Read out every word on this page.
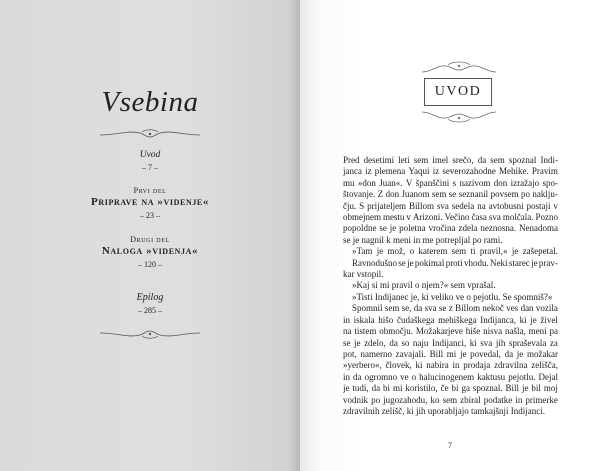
Vsebina
Uvod
– 7 –
Prvi del
Priprave na »videnje«
– 23 –
Drugi del
Naloga »videnja«
– 120 –
Epilog
– 285 –
UVOD
Pred desetimi leti sem imel srečo, da sem spoznal Indi-
janca iz plemena Yaqui iz severozahodne Mehike. Pravim
mu »don Juan«. V španščini s nazivom don izražajo spo-
štovanje. Z don Juanom sem se seznanil povsem po naklju-
čju. S prijateljem Billom sva sedela na avtobusni postaji v
obmejnem mestu v Arizoni. Večino časa sva molčala. Pozno
popoldne se je poletna vročina zdela neznosna. Nenadoma
se je nagnil k meni in me potrepljal po rami.
»Tam je mož, o katerem sem ti pravil,« je zašepetal.
Ravnodušno se je pokimal proti vhodu. Neki starec je prav-
kar vstopil.
»Kaj si mi pravil o njem?« sem vprašal.
»Tisti Indijanec je, ki veliko ve o pejotlu. Se spomniš?«
Spomnil sem se, da sva se z Billom nekoč ves dan vozila
in iskala hišo čudaškega mehiškega Indijanca, ki je živel
na tistem območju. Možakarjeve hiše nisva našla, meni pa
se je zdelo, da so naju Indijanci, ki sva jih spraševala za
pot, namerno zavajali. Bill mi je povedal, da je možakar
»yerbero«, človek, ki nabira in prodaja zdravilna zelišča,
in da ogromno ve o halucinogenem kaktusu pejotlu. Dejal
je tudi, da bi mi koristilo, če bi ga spoznal. Bill je bil moj
vodnik po jugozahodu, ko sem zbiral podatke in primerke
zdravilnih zelišč, ki jih uporabljajo tamkajšnji Indijanci.
7
